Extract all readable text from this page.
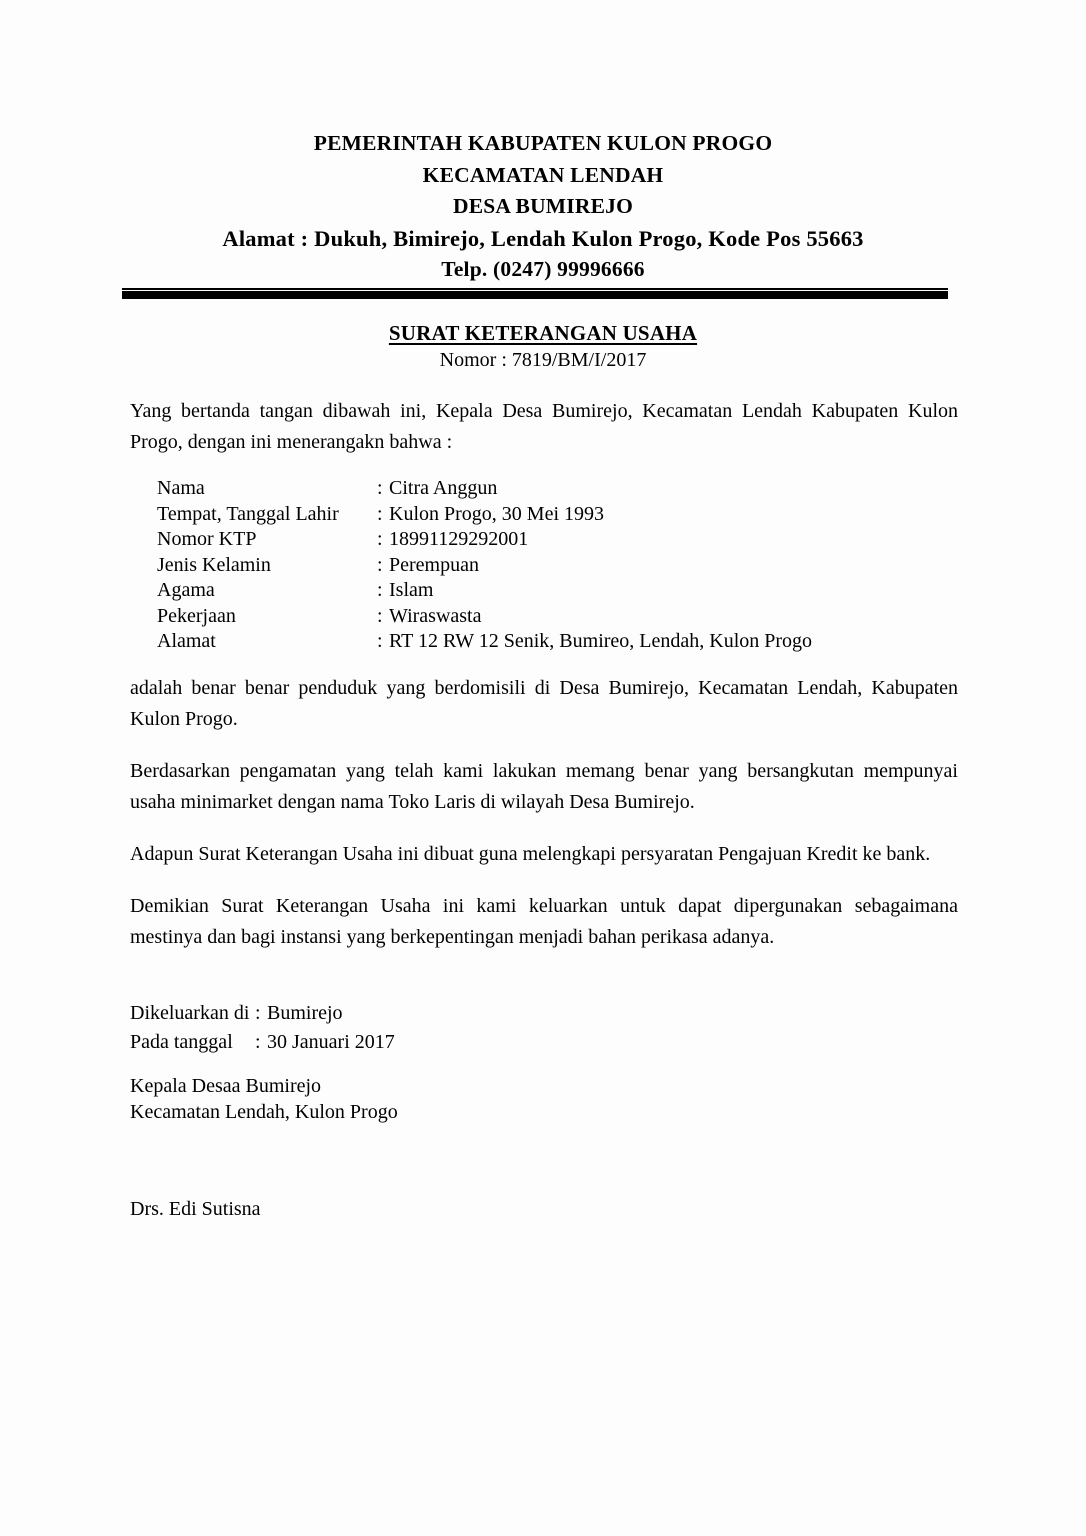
PEMERINTAH KABUPATEN KULON PROGO
KECAMATAN LENDAH
DESA BUMIREJO
Alamat : Dukuh, Bimirejo, Lendah Kulon Progo, Kode Pos 55663
Telp. (0247) 99996666
SURAT KETERANGAN USAHA
Nomor : 7819/BM/I/2017

Yang bertanda tangan dibawah ini, Kepala Desa Bumirejo, Kecamatan Lendah Kabupaten Kulon Progo, dengan ini menerangakn bahwa :

Nama	: Citra Anggun
Tempat, Tanggal Lahir	: Kulon Progo, 30 Mei 1993
Nomor KTP	: 18991129292001
Jenis Kelamin	: Perempuan
Agama	: Islam
Pekerjaan	: Wiraswasta
Alamat	: RT 12 RW 12 Senik, Bumireo, Lendah, Kulon Progo

adalah benar benar penduduk yang berdomisili di Desa Bumirejo, Kecamatan Lendah, Kabupaten Kulon Progo.

Berdasarkan pengamatan yang telah kami lakukan memang benar yang bersangkutan mempunyai usaha minimarket dengan nama Toko Laris di wilayah Desa Bumirejo.

Adapun Surat Keterangan Usaha ini dibuat guna melengkapi persyaratan Pengajuan Kredit ke bank.

Demikian Surat Keterangan Usaha ini kami keluarkan untuk dapat dipergunakan sebagaimana mestinya dan bagi instansi yang berkepentingan menjadi bahan perikasa adanya.

Dikeluarkan di : Bumirejo
Pada tanggal	: 30 Januari 2017
Kepala Desaa Bumirejo
Kecamatan Lendah, Kulon Progo
Drs. Edi Sutisna
